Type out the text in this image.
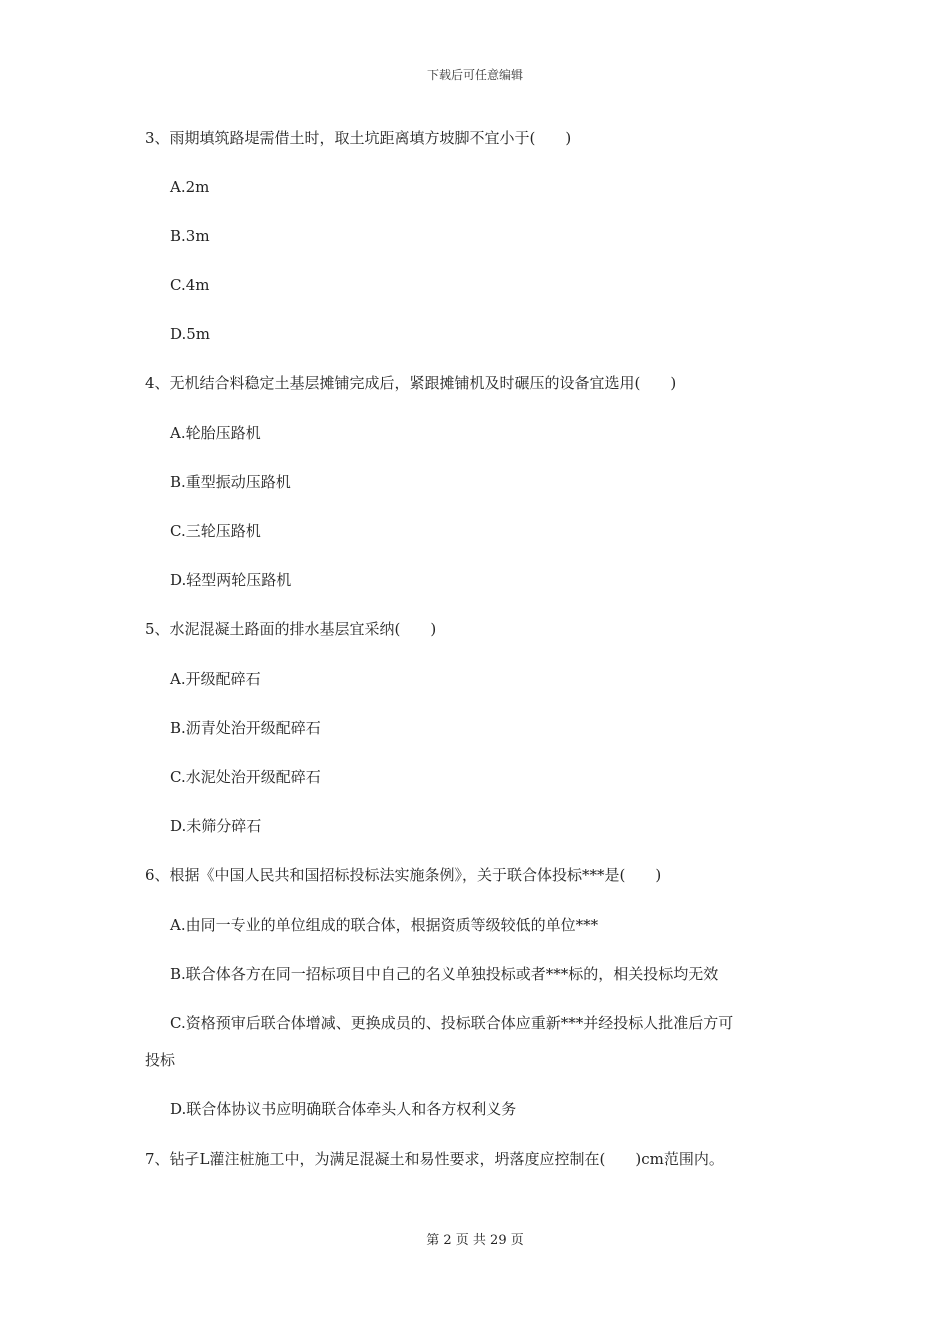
下载后可任意编辑
3、雨期填筑路堤需借土时，取土坑距离填方坡脚不宜小于(　　)
A.2m
B.3m
C.4m
D.5m
4、无机结合料稳定土基层摊铺完成后，紧跟摊铺机及时碾压的设备宜选用(　　)
A.轮胎压路机
B.重型振动压路机
C.三轮压路机
D.轻型两轮压路机
5、水泥混凝土路面的排水基层宜采纳(　　)
A.开级配碎石
B.沥青处治开级配碎石
C.水泥处治开级配碎石
D.未筛分碎石
6、根据《中国人民共和国招标投标法实施条例》，关于联合体投标***是(　　)
A.由同一专业的单位组成的联合体，根据资质等级较低的单位***
B.联合体各方在同一招标项目中自己的名义单独投标或者***标的，相关投标均无效
C.资格预审后联合体增减、更换成员的、投标联合体应重新***并经投标人批准后方可
投标
D.联合体协议书应明确联合体牵头人和各方权利义务
7、钻孑L灌注桩施工中，为满足混凝土和易性要求，坍落度应控制在(　　)cm范围内。
第 2 页 共 29 页
